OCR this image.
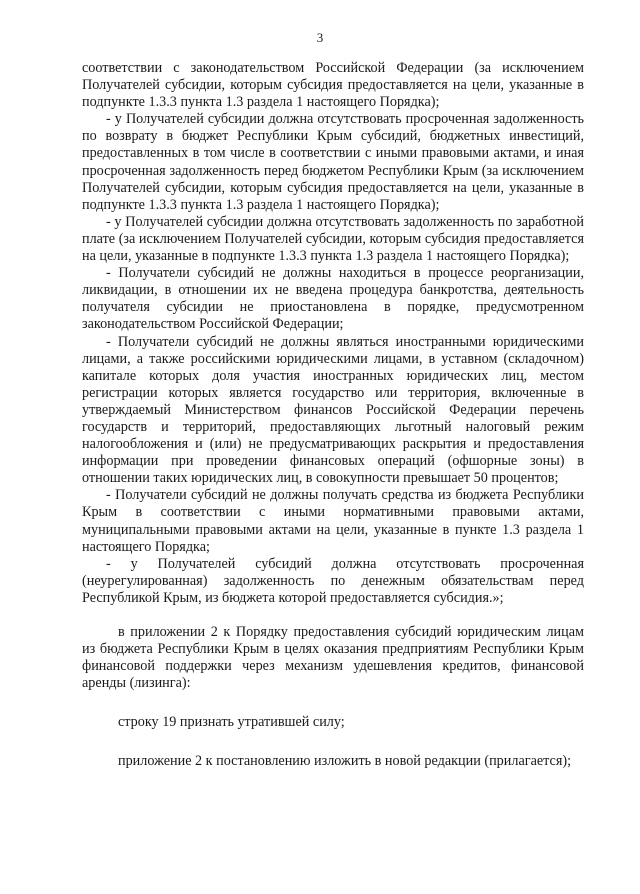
3

соответствии с законодательством Российской Федерации (за исключением Получателей субсидии, которым субсидия предоставляется на цели, указанные в подпункте 1.3.3 пункта 1.3 раздела 1 настоящего Порядка);

- у Получателей субсидии должна отсутствовать просроченная задолженность по возврату в бюджет Республики Крым субсидий, бюджетных инвестиций, предоставленных в том числе в соответствии с иными правовыми актами, и иная просроченная задолженность перед бюджетом Республики Крым (за исключением Получателей субсидии, которым субсидия предоставляется на цели, указанные в подпункте 1.3.3 пункта 1.3 раздела 1 настоящего Порядка);

- у Получателей субсидии должна отсутствовать задолженность по заработной плате (за исключением Получателей субсидии, которым субсидия предоставляется на цели, указанные в подпункте 1.3.3 пункта 1.3 раздела 1 настоящего Порядка);

- Получатели субсидий не должны находиться в процессе реорганизации, ликвидации, в отношении их не введена процедура банкротства, деятельность получателя субсидии не приостановлена в порядке, предусмотренном законодательством Российской Федерации;

- Получатели субсидий не должны являться иностранными юридическими лицами, а также российскими юридическими лицами, в уставном (складочном) капитале которых доля участия иностранных юридических лиц, местом регистрации которых является государство или территория, включенные в утверждаемый Министерством финансов Российской Федерации перечень государств и территорий, предоставляющих льготный налоговый режим налогообложения и (или) не предусматривающих раскрытия и предоставления информации при проведении финансовых операций (офшорные зоны) в отношении таких юридических лиц, в совокупности превышает 50 процентов;

- Получатели субсидий не должны получать средства из бюджета Республики Крым в соответствии с иными нормативными правовыми актами, муниципальными правовыми актами на цели, указанные в пункте 1.3 раздела 1 настоящего Порядка;

- у Получателей субсидий должна отсутствовать просроченная (неурегулированная) задолженность по денежным обязательствам перед Республикой Крым, из бюджета которой предоставляется субсидия.»;

в приложении 2 к Порядку предоставления субсидий юридическим лицам из бюджета Республики Крым в целях оказания предприятиям Республики Крым финансовой поддержки через механизм удешевления кредитов, финансовой аренды (лизинга):

строку 19 признать утратившей силу;

приложение 2 к постановлению изложить в новой редакции (прилагается);
